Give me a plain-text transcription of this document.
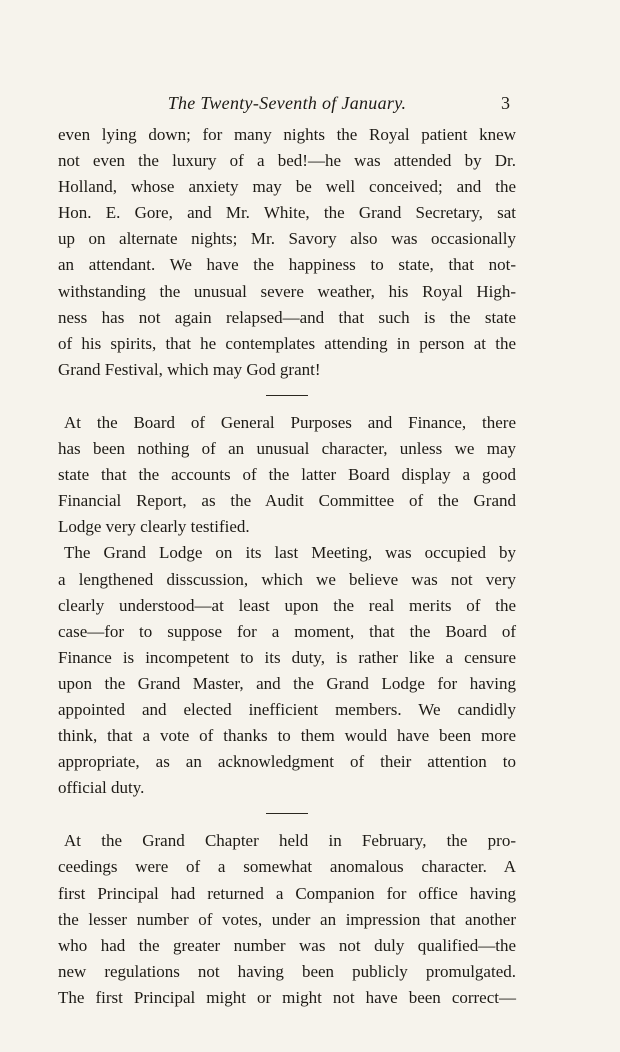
The Twenty-Seventh of January.	3
even lying down; for many nights the Royal patient knew
not even the luxury of a bed!—he was attended by Dr.
Holland, whose anxiety may be well conceived; and the
Hon. E. Gore, and Mr. White, the Grand Secretary, sat
up on alternate nights; Mr. Savory also was occasionally
an attendant. We have the happiness to state, that not-
withstanding the unusual severe weather, his Royal High-
ness has not again relapsed—and that such is the state
of his spirits, that he contemplates attending in person at the
Grand Festival, which may God grant!
At the Board of General Purposes and Finance, there
has been nothing of an unusual character, unless we may
state that the accounts of the latter Board display a good
Financial Report, as the Audit Committee of the Grand
Lodge very clearly testified.
The Grand Lodge on its last Meeting, was occupied by
a lengthened disscussion, which we believe was not very
clearly understood—at least upon the real merits of the
case—for to suppose for a moment, that the Board of
Finance is incompetent to its duty, is rather like a censure
upon the Grand Master, and the Grand Lodge for having
appointed and elected inefficient members. We candidly
think, that a vote of thanks to them would have been more
appropriate, as an acknowledgment of their attention to
official duty.
At the Grand Chapter held in February, the pro-
ceedings were of a somewhat anomalous character. A
first Principal had returned a Companion for office having
the lesser number of votes, under an impression that another
who had the greater number was not duly qualified—the
new regulations not having been publicly promulgated.
The first Principal might or might not have been correct—
